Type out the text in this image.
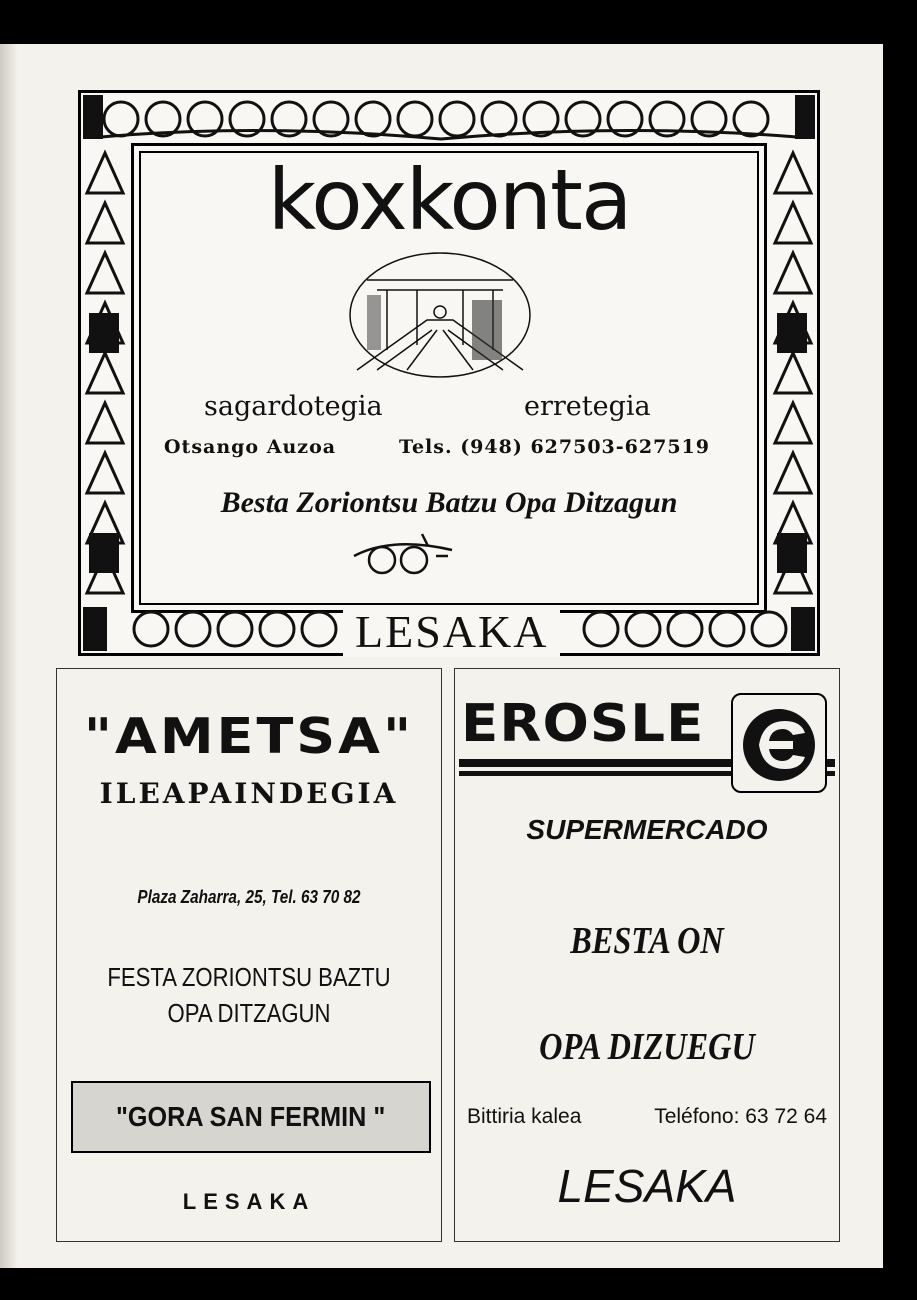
koxkonta
sagardotegia	erretegia
Otsango Auzoa	Tels. (948) 627503-627519
Besta Zoriontsu Batzu Opa Ditzagun
LESAKA
"AMETSA"
ILEAPAINDEGIA
Plaza Zaharra, 25, Tel. 63 70 82
FESTA ZORIONTSU BAZTU
OPA DITZAGUN
"GORA SAN FERMIN "
LESAKA
EROSLE
SUPERMERCADO
BESTA ON
OPA DIZUEGU
Bittiria kalea	Teléfono: 63 72 64
LESAKA
